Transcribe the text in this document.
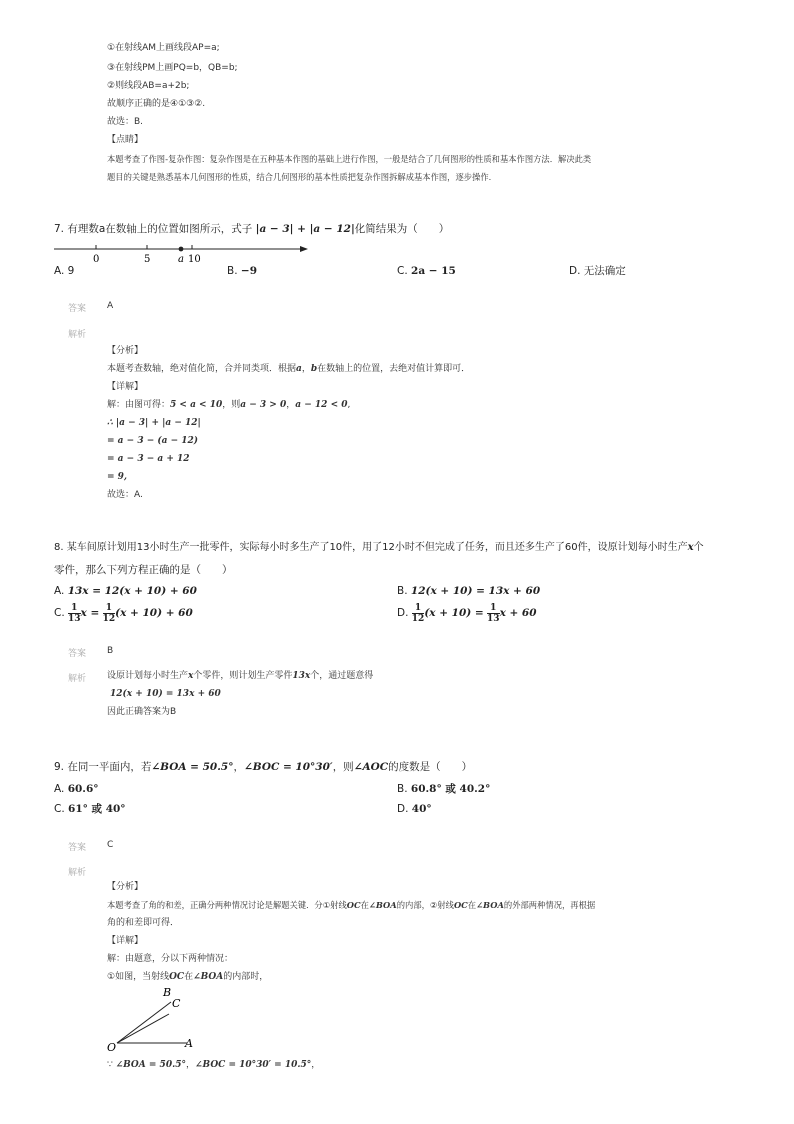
①在射线AM上画线段AP=a;
③在射线PM上画PQ=b，QB=b;
②则线段AB=a+2b;
故顺序正确的是④①③②.
故选：B.
【点睛】
本题考查了作图-复杂作图：复杂作图是在五种基本作图的基础上进行作图，一般是结合了几何图形的性质和基本作图方法．解决此类
题目的关键是熟悉基本几何图形的性质，结合几何图形的基本性质把复杂作图拆解成基本作图，逐步操作.
7. 有理数a在数轴上的位置如图所示，式子 |a − 3| + |a − 12|化简结果为（　　）
0	5	a 10
A. 9	B. −9	C. 2a − 15	D. 无法确定
答案 A
解析
【分析】
本题考查数轴，绝对值化简，合并同类项．根据a，b在数轴上的位置，去绝对值计算即可．
【详解】
解：由图可得：5 < a < 10，则a − 3 > 0，a − 12 < 0,
∴ |a − 3| + |a − 12|
= a − 3 − (a − 12)
= a − 3 − a + 12
= 9,
故选：A.
8. 某车间原计划用13小时生产一批零件，实际每小时多生产了10件，用了12小时不但完成了任务，而且还多生产了60件，设原计划每小时生产x个
零件，那么下列方程正确的是（　　）
A. 13x = 12(x + 10) + 60	B. 12(x + 10) = 13x + 60
C. $\frac{1}{13}$ $x = \frac{1}{12} (x + 10) + 60$	D. $\frac{1}{12} (x + 10) = \frac{1}{13}$ x + 60
答案 B
解析 设原计划每小时生产x个零件，则计划生产零件13x个，通过题意得
12(x + 10) = 13x + 60
因此正确答案为B
9. 在同一平面内，若∠BOA = 50.5°，∠BOC = 10°30′，则∠AOC的度数是（　　）
A. 60.6°	B. 60.8° 或 40.2°
C. 61° 或 40°	D. 40°
答案 C
解析
【分析】
本题考查了角的和差，正确分两种情况讨论是解题关键．分①射线OC在∠BOA的内部，②射线OC在∠BOA的外部两种情况，再根据
角的和差即可得．
【详解】
解：由题意，分以下两种情况：
①如图，当射线OC在∠BOA的内部时，
B
C
O	A
∵ ∠BOA = 50.5°，∠BOC = 10°30′ = 10.5°，
